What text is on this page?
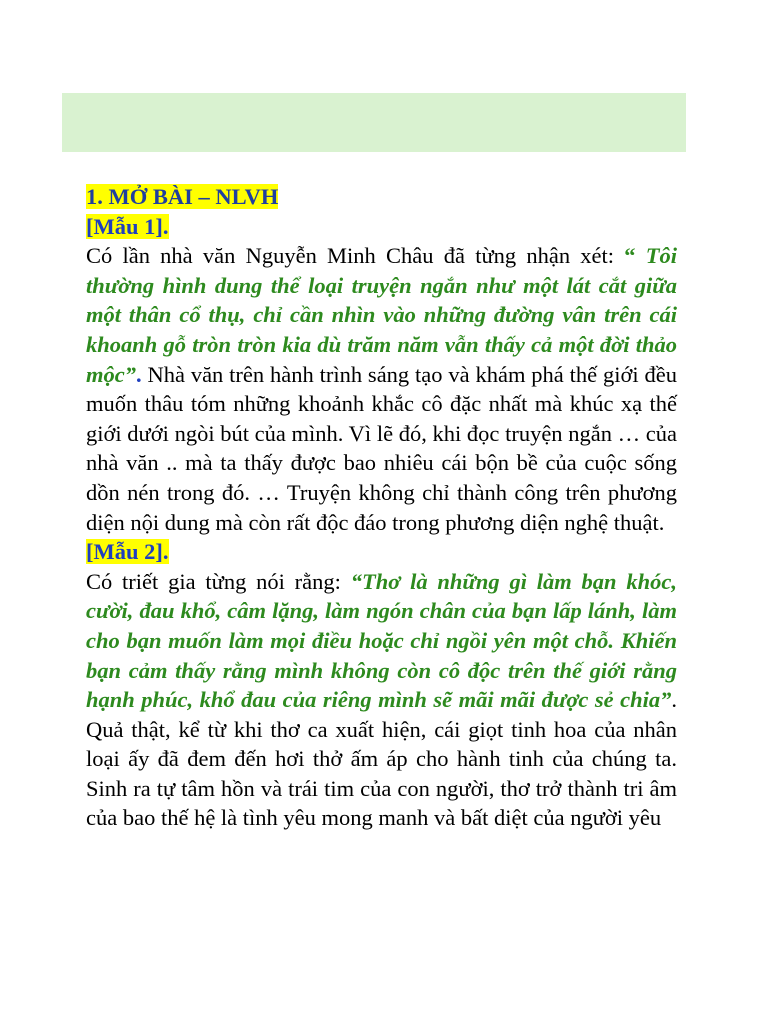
1. MỞ BÀI – NLVH

[Mẫu 1].

Có lần nhà văn Nguyễn Minh Châu đã từng nhận xét: “ Tôi thường hình dung thể loại truyện ngắn như một lát cắt giữa một thân cổ thụ, chỉ cần nhìn vào những đường vân trên cái khoanh gỗ tròn tròn kia dù trăm năm vẫn thấy cả một đời thảo mộc”. Nhà văn trên hành trình sáng tạo và khám phá thế giới đều muốn thâu tóm những khoảnh khắc cô đặc nhất mà khúc xạ thế giới dưới ngòi bút của mình. Vì lẽ đó, khi đọc truyện ngắn … của nhà văn .. mà ta thấy được bao nhiêu cái bộn bề của cuộc sống dồn nén trong đó. … Truyện không chỉ thành công trên phương diện nội dung mà còn rất độc đáo trong phương diện nghệ thuật.

[Mẫu 2].

Có triết gia từng nói rằng: “Thơ là những gì làm bạn khóc, cười, đau khổ, câm lặng, làm ngón chân của bạn lấp lánh, làm cho bạn muốn làm mọi điều hoặc chỉ ngồi yên một chỗ. Khiến bạn cảm thấy rằng mình không còn cô độc trên thế giới rằng hạnh phúc, khổ đau của riêng mình sẽ mãi mãi được sẻ chia”. Quả thật, kể từ khi thơ ca xuất hiện, cái giọt tinh hoa của nhân loại ấy đã đem đến hơi thở ấm áp cho hành tinh của chúng ta. Sinh ra tự tâm hồn và trái tim của con người, thơ trở thành tri âm của bao thế hệ là tình yêu mong manh và bất diệt của người yêu
